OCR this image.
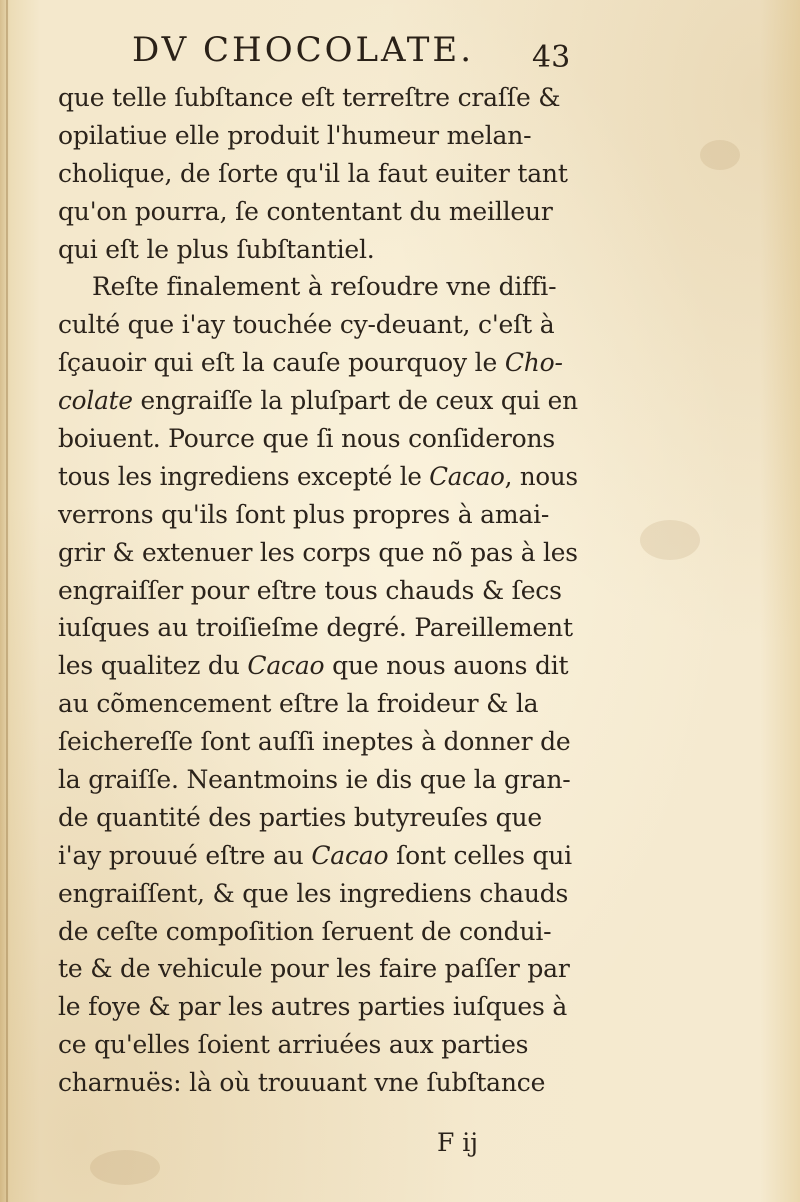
DV CHOCOLATE.	43
que telle ſubſtance eſt terreſtre craſſe &
opilatiue elle produit l'humeur melan-
cholique, de ſorte qu'il la faut euiter tant
qu'on pourra, ſe contentant du meilleur
qui eſt le plus ſubſtantiel.
Reſte finalement à reſoudre vne diffi-
culté que i'ay touchée cy-deuant, c'eſt à
ſçauoir qui eſt la cauſe pourquoy le Cho-
colate engraiſſe la pluſpart de ceux qui en
boiuent. Pource que ſi nous conſiderons
tous les ingrediens excepté le Cacao, nous
verrons qu'ils ſont plus propres à amai-
grir & extenuer les corps que nõ pas à les
engraiſſer pour eſtre tous chauds & ſecs
iuſques au troiſieſme degré. Pareillement
les qualitez du Cacao que nous auons dit
au cõmencement eſtre la froideur & la
ſeichereſſe ſont auſſi ineptes à donner de
la graiſſe. Neantmoins ie dis que la gran-
de quantité des parties butyreuſes que
i'ay prouué eſtre au Cacao ſont celles qui
engraiſſent, & que les ingrediens chauds
de ceſte compoſition ſeruent de condui-
te & de vehicule pour les faire paſſer par
le foye & par les autres parties iuſques à
ce qu'elles ſoient arriuées aux parties
charnuës: là où trouuant vne ſubſtance
F ij
